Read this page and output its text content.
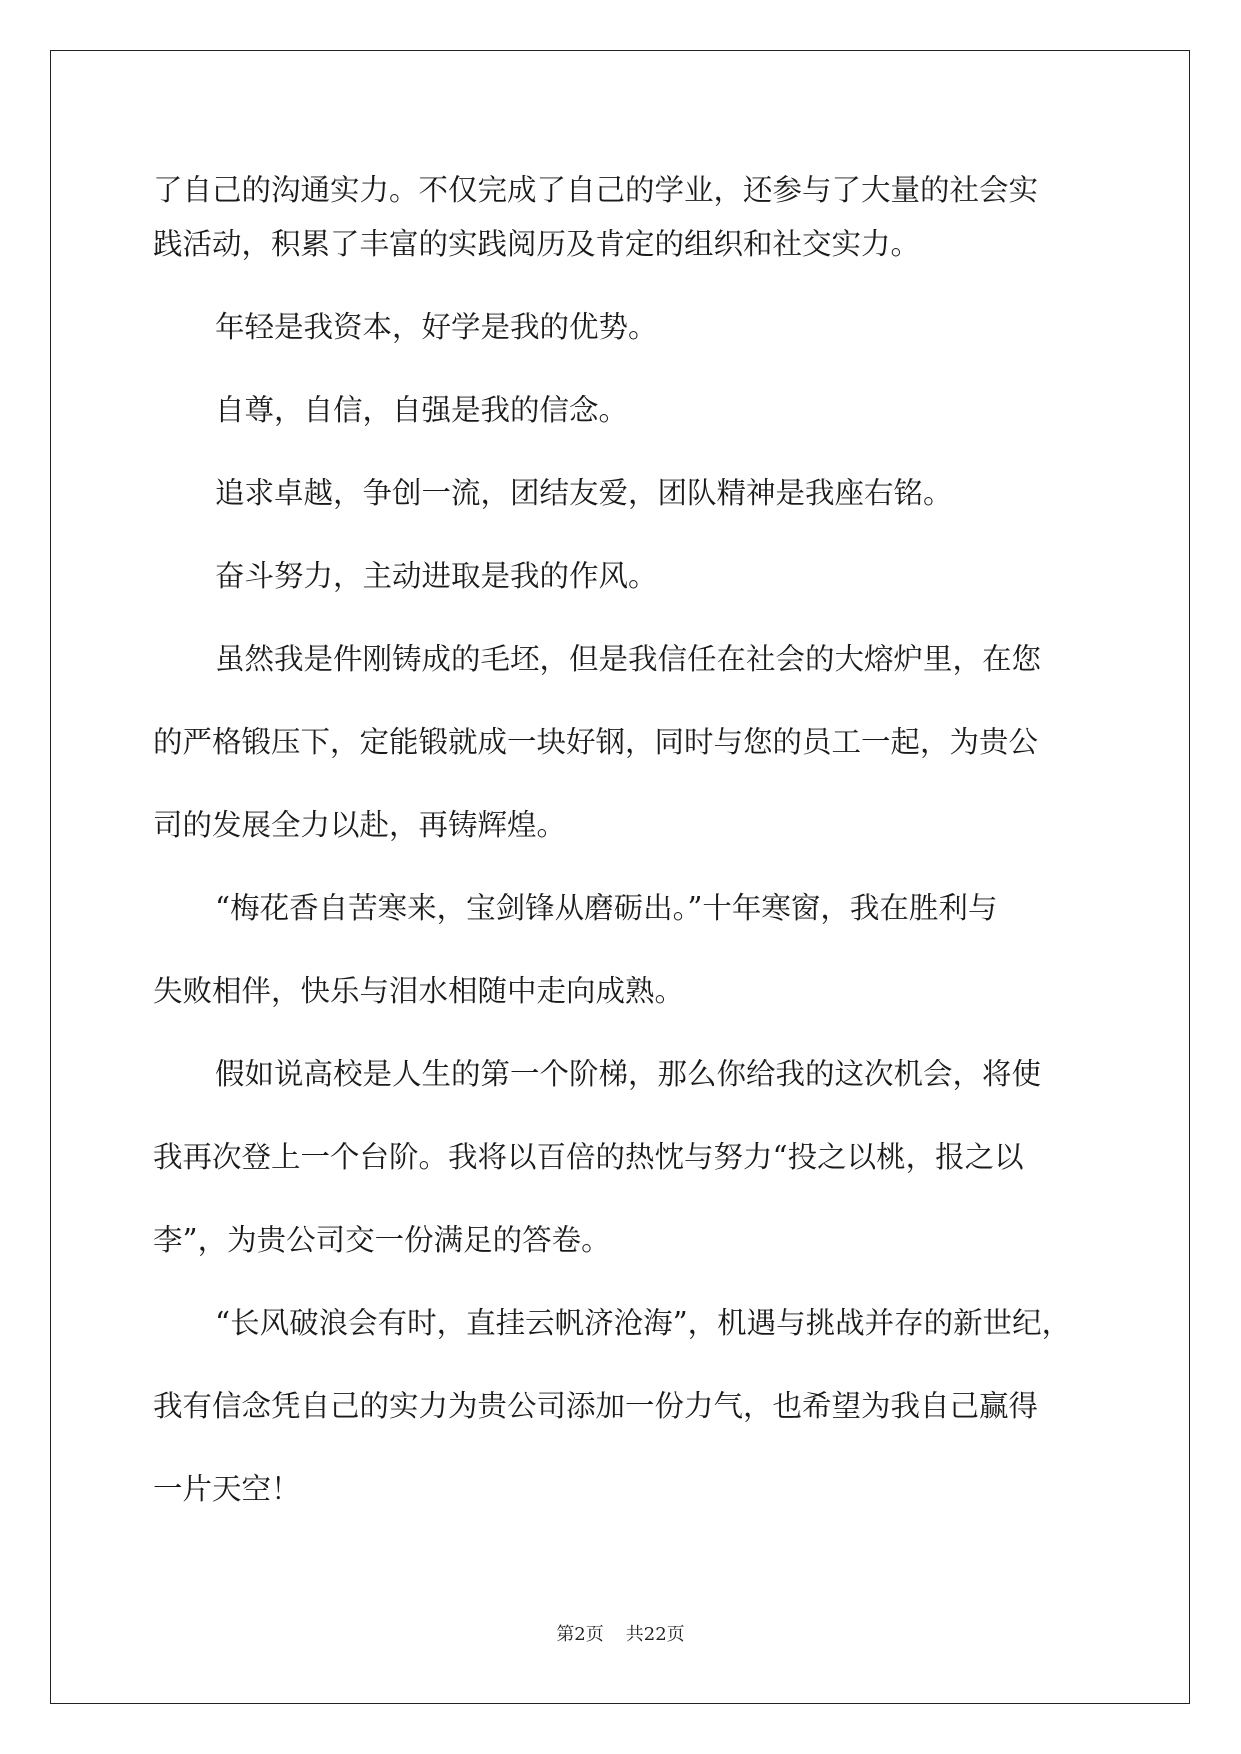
了自己的沟通实力。不仅完成了自己的学业，还参与了大量的社会实
践活动，积累了丰富的实践阅历及肯定的组织和社交实力。
年轻是我资本，好学是我的优势。
自尊，自信，自强是我的信念。
追求卓越，争创一流，团结友爱，团队精神是我座右铭。
奋斗努力，主动进取是我的作风。
虽然我是件刚铸成的毛坯，但是我信任在社会的大熔炉里，在您
的严格锻压下，定能锻就成一块好钢，同时与您的员工一起，为贵公
司的发展全力以赴，再铸辉煌。
“梅花香自苦寒来，宝剑锋从磨砺出。”十年寒窗，我在胜利与
失败相伴，快乐与泪水相随中走向成熟。
假如说高校是人生的第一个阶梯，那么你给我的这次机会，将使
我再次登上一个台阶。我将以百倍的热忱与努力“投之以桃，报之以
李”，为贵公司交一份满足的答卷。
“长风破浪会有时，直挂云帆济沧海”，机遇与挑战并存的新世纪，
我有信念凭自己的实力为贵公司添加一份力气，也希望为我自己赢得
一片天空！
第2页 共22页
